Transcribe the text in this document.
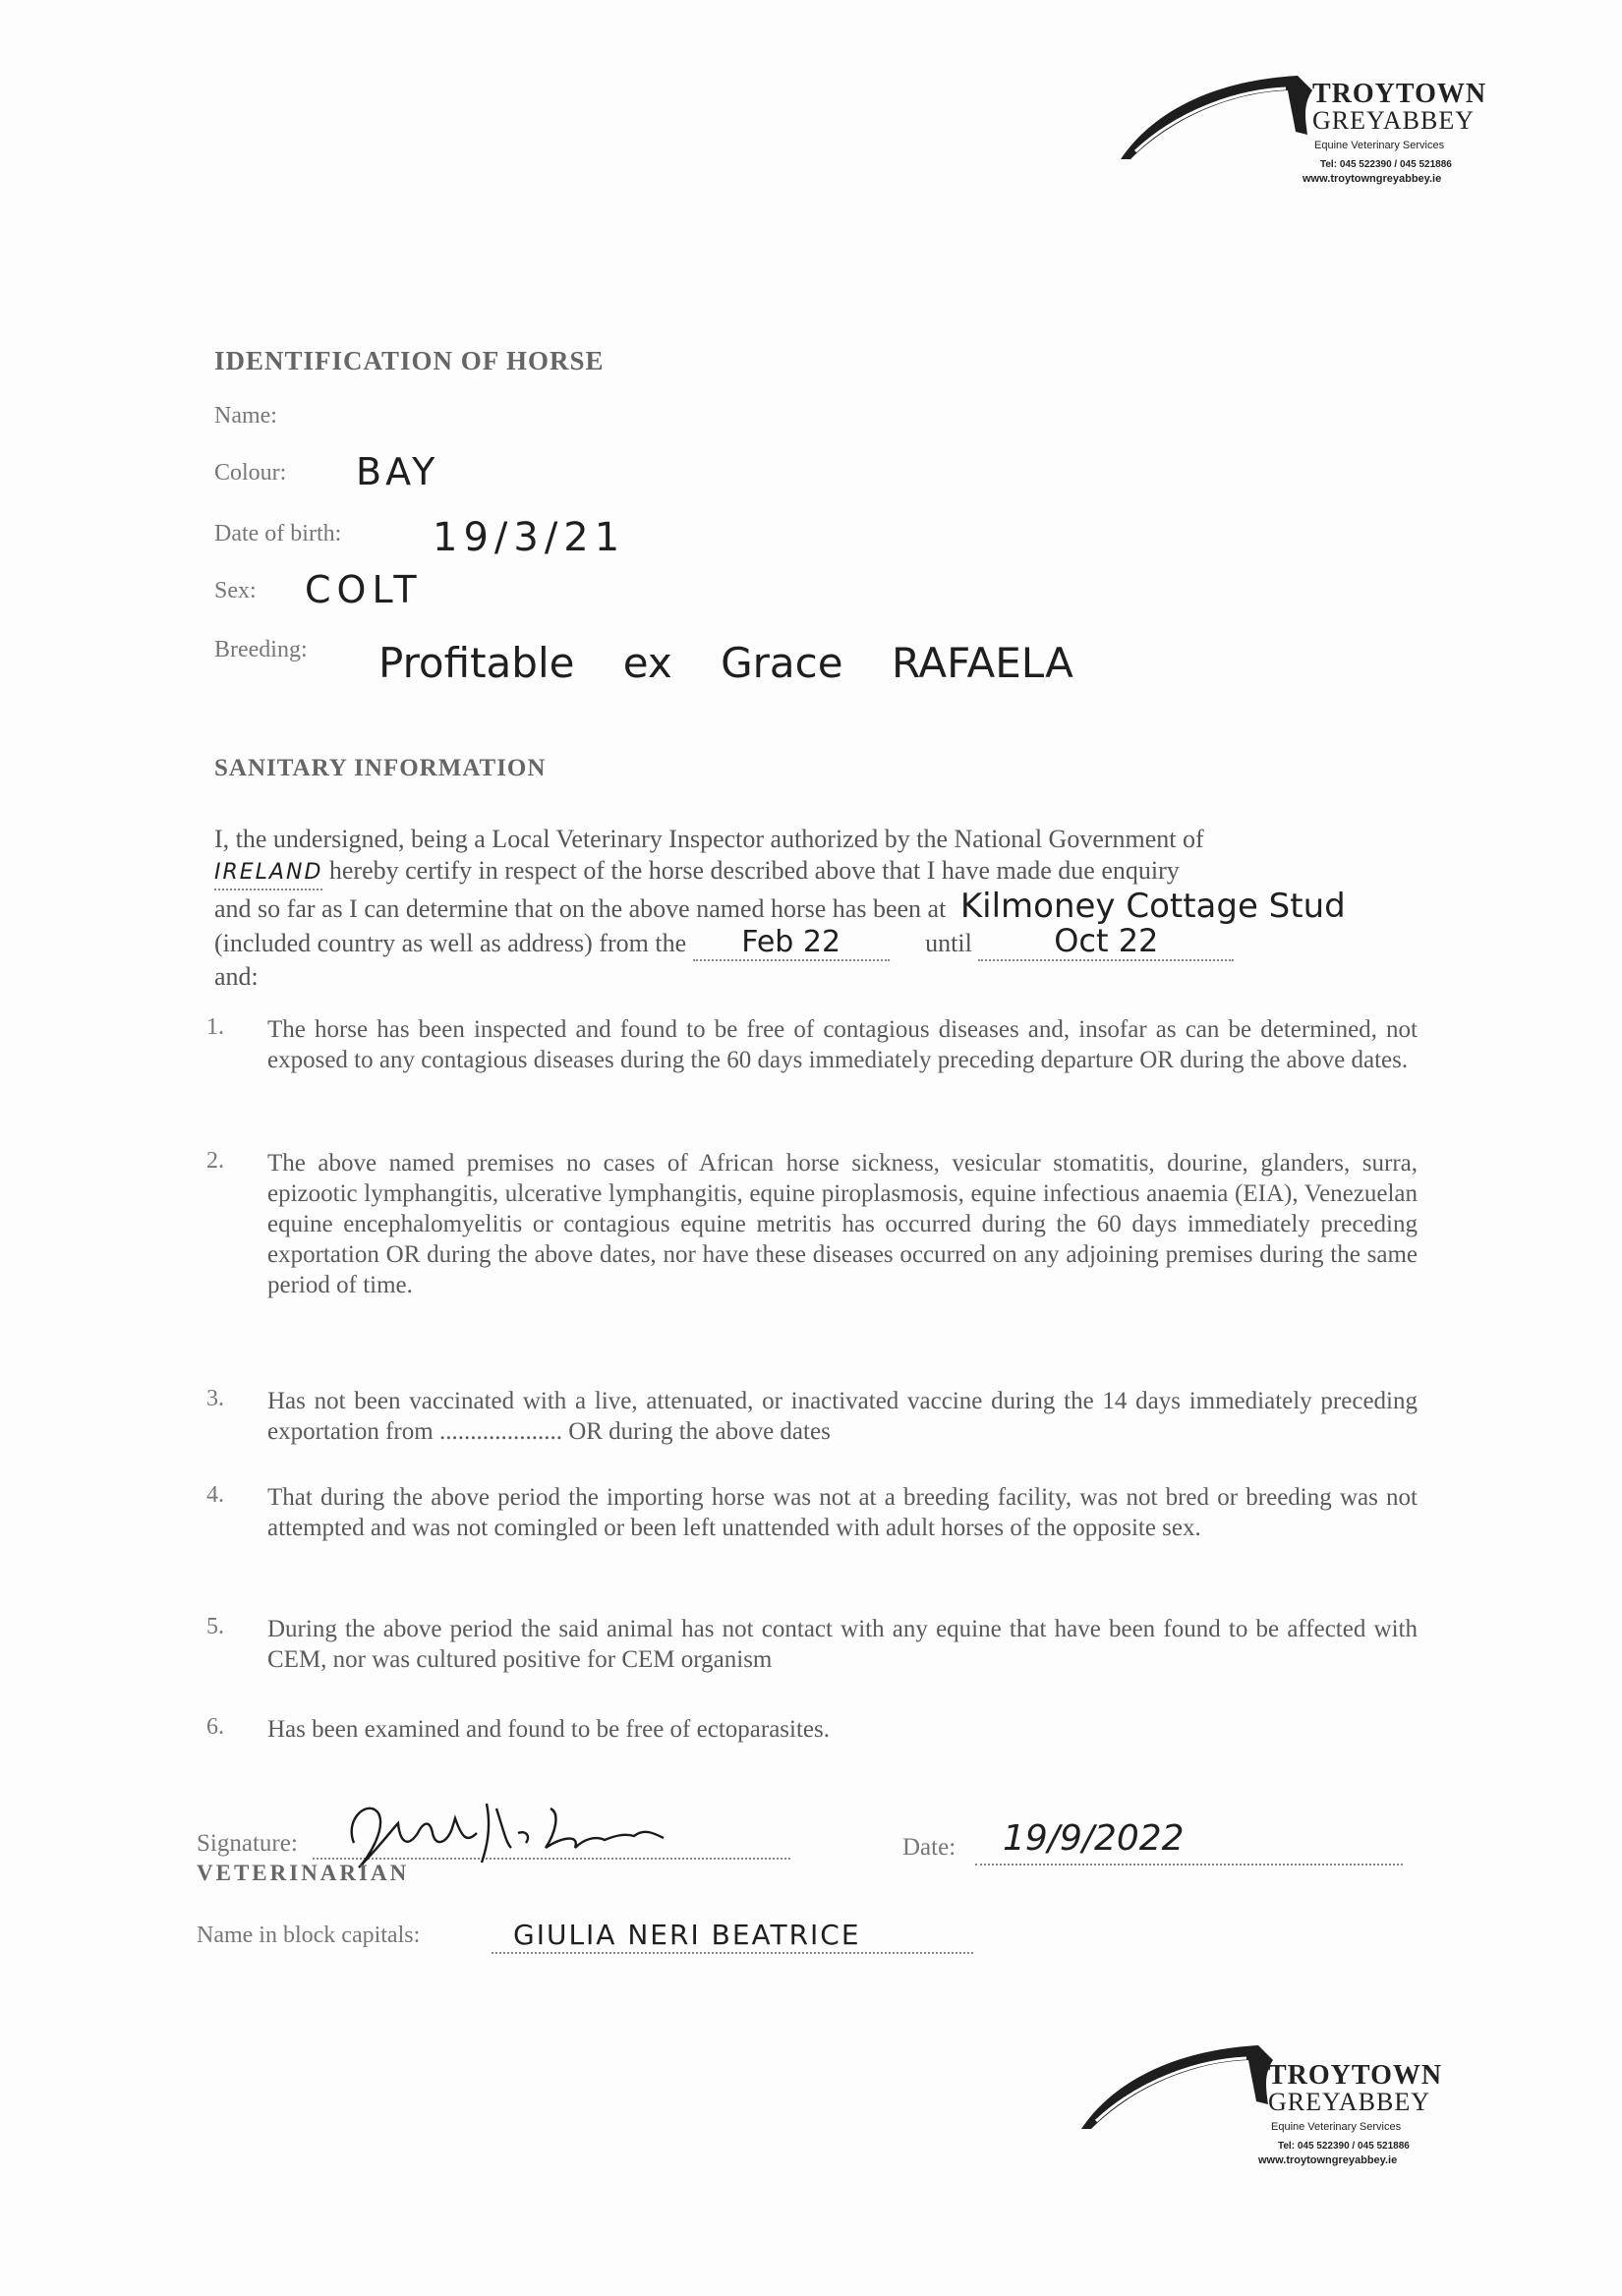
TROYTOWN
GREYABBEY
Equine Veterinary Services
Tel: 045 522390 / 045 521886
www.troytowngreyabbey.ie
IDENTIFICATION OF HORSE
Name:
Colour: BAY
Date of birth: 19/3/21
Sex: COLT
Breeding: Profitable ex Grace RAFAELA
SANITARY INFORMATION
I, the undersigned, being a Local Veterinary Inspector authorized by the National Government of
IRELAND hereby certify in respect of the horse described above that I have made due enquiry
and so far as I can determine that on the above named horse has been at Kilmoney Cottage Stud
(included country as well as address) from the Feb 22	until	Oct 22
and:
1. The horse has been inspected and found to be free of contagious diseases and, insofar as can be determined, not exposed to any contagious diseases during the 60 days immediately preceding departure OR during the above dates.
2. The above named premises no cases of African horse sickness, vesicular stomatitis, dourine, glanders, surra, epizootic lymphangitis, ulcerative lymphangitis, equine piroplasmosis, equine infectious anaemia (EIA), Venezuelan equine encephalomyelitis or contagious equine metritis has occurred during the 60 days immediately preceding exportation OR during the above dates, nor have these diseases occurred on any adjoining premises during the same period of time.
3. Has not been vaccinated with a live, attenuated, or inactivated vaccine during the 14 days immediately preceding exportation from .................... OR during the above dates
4. That during the above period the importing horse was not at a breeding facility, was not bred or breeding was not attempted and was not comingled or been left unattended with adult horses of the opposite sex.
5. During the above period the said animal has not contact with any equine that have been found to be affected with CEM, nor was cultured positive for CEM organism
6. Has been examined and found to be free of ectoparasites.
Signature:
VETERINARIAN
Date: 19/9/2022
Name in block capitals:	GIULIA NERI BEATRICE
TROYTOWN
GREYABBEY
Equine Veterinary Services
Tel: 045 522390 / 045 521886
www.troytowngreyabbey.ie
